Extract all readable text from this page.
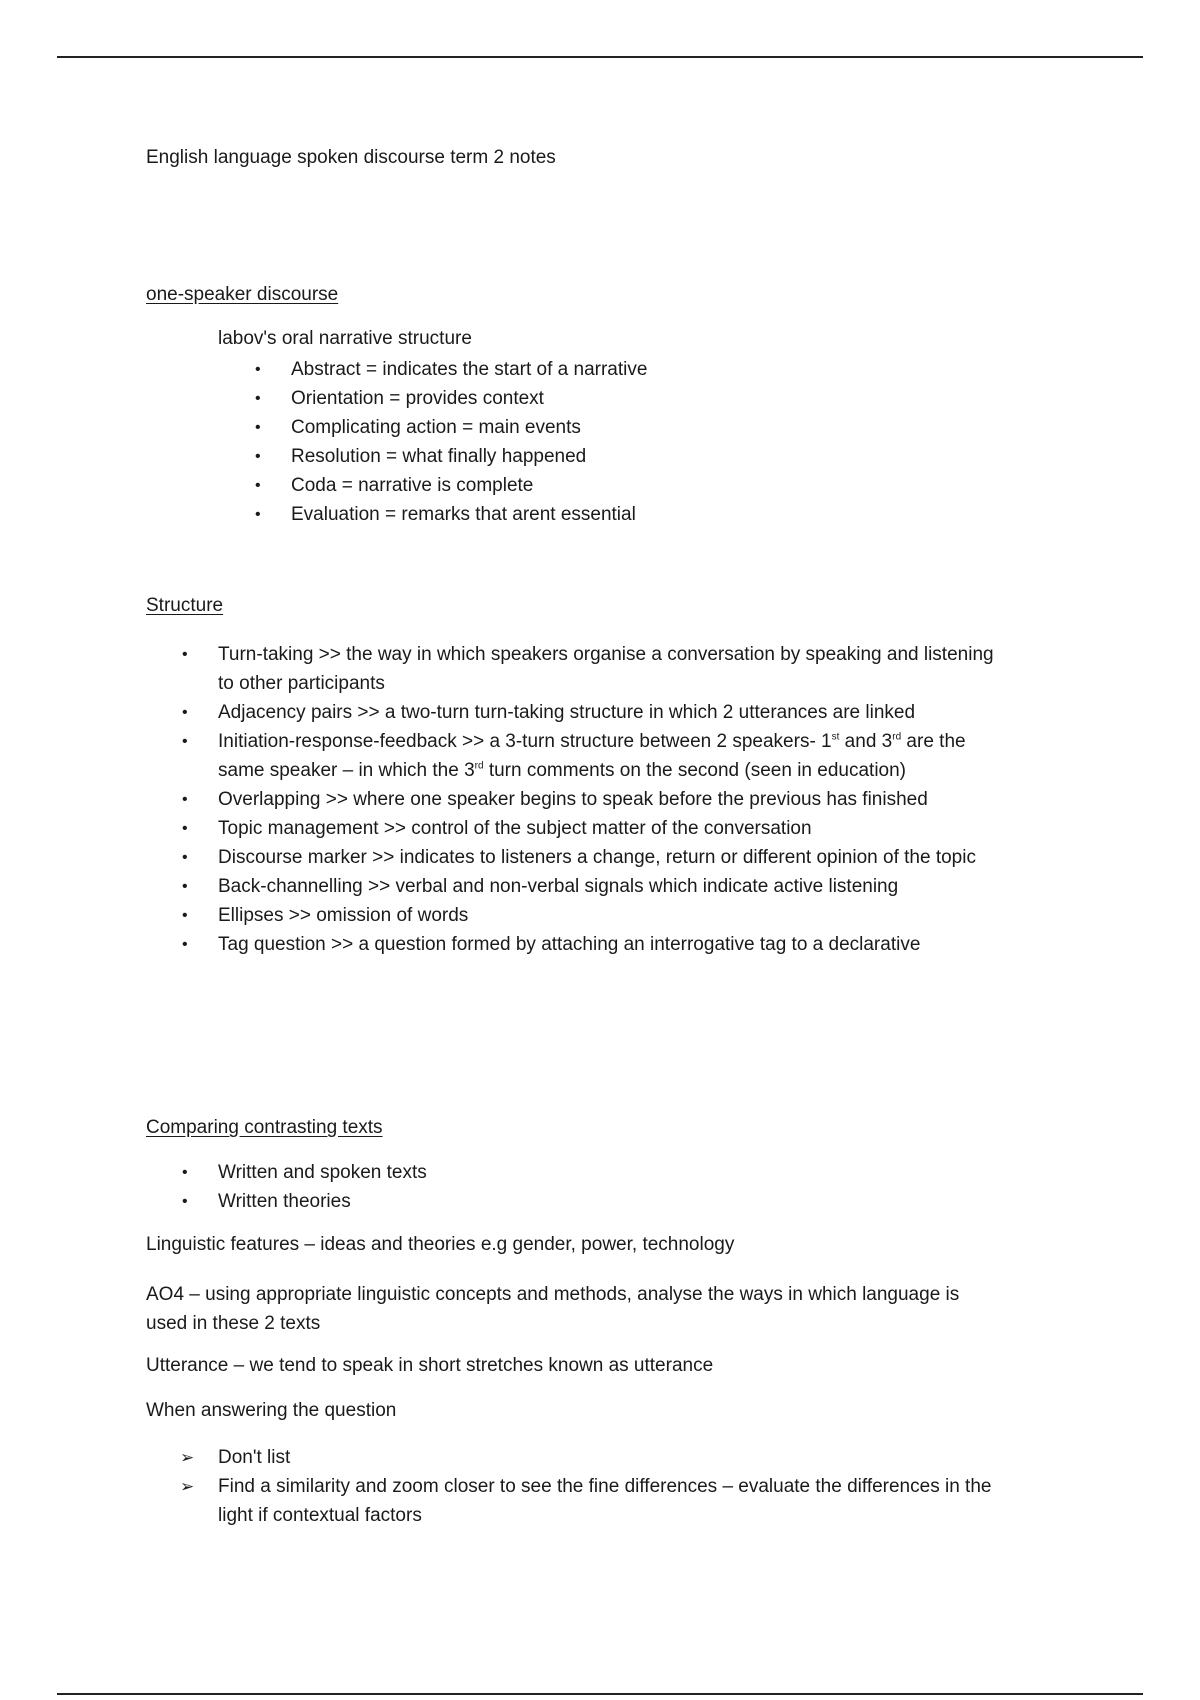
English language spoken discourse term 2 notes
one-speaker discourse
labov's oral narrative structure
• Abstract = indicates the start of a narrative
• Orientation = provides context
• Complicating action = main events
• Resolution = what finally happened
• Coda = narrative is complete
• Evaluation = remarks that arent essential
Structure
• Turn-taking >> the way in which speakers organise a conversation by speaking and listening
to other participants
• Adjacency pairs >> a two-turn turn-taking structure in which 2 utterances are linked
• Initiation-response-feedback >> a 3-turn structure between 2 speakers- 1st and 3rd are the
same speaker – in which the 3rd turn comments on the second (seen in education)
• Overlapping >> where one speaker begins to speak before the previous has finished
• Topic management >> control of the subject matter of the conversation
• Discourse marker >> indicates to listeners a change, return or different opinion of the topic
• Back-channelling >> verbal and non-verbal signals which indicate active listening
• Ellipses >> omission of words
• Tag question >> a question formed by attaching an interrogative tag to a declarative
Comparing contrasting texts
• Written and spoken texts
• Written theories
Linguistic features – ideas and theories e.g gender, power, technology
AO4 – using appropriate linguistic concepts and methods, analyse the ways in which language is
used in these 2 texts
Utterance – we tend to speak in short stretches known as utterance
When answering the question
➢ Don't list
➢ Find a similarity and zoom closer to see the fine differences – evaluate the differences in the
light if contextual factors
